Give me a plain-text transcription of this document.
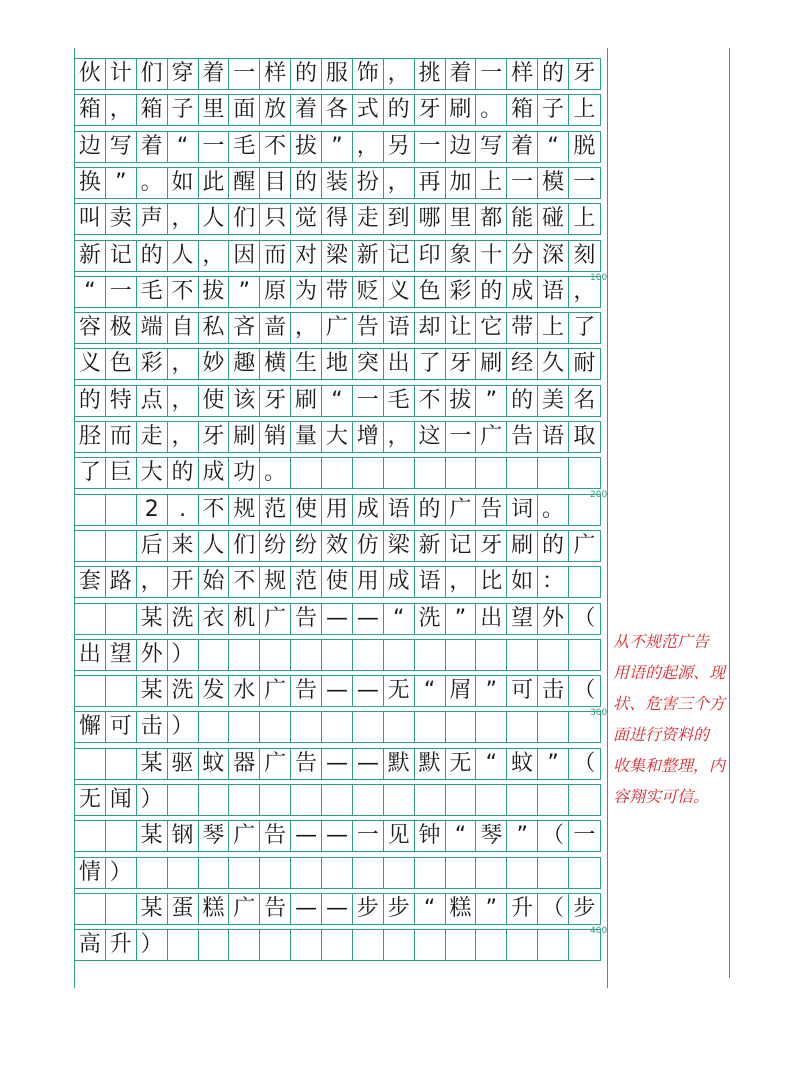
伙 计 们 穿 着 一 样 的 服 饰 ， 挑 着 一 样 的 牙
箱 ， 箱 子 里 面 放 着 各 式 的 牙 刷 。 箱 子 上
边 写 着 “ 一 毛 不 拔 ” ， 另 一 边 写 着 “ 脱
换 ” 。 如 此 醒 目 的 装 扮 ， 再 加 上 一 模 一
叫 卖 声 ， 人 们 只 觉 得 走 到 哪 里 都 能 碰 上
新 记 的 人 ， 因 而 对 梁 新 记 印 象 十 分 深 刻
“ 一 毛 不 拔 ” 原 为 带 贬 义 色 彩 的 成 语 ，
容 极 端 自 私 吝 啬 ， 广 告 语 却 让 它 带 上 了
义 色 彩 ， 妙 趣 横 生 地 突 出 了 牙 刷 经 久 耐
的 特 点 ， 使 该 牙 刷 “ 一 毛 不 拔 ” 的 美 名
胫 而 走 ， 牙 刷 销 量 大 增 ， 这 一 广 告 语 取
了 巨 大 的 成 功 。
2 . 不 规 范 使 用 成 语 的 广 告 词 。
后 来 人 们 纷 纷 效 仿 梁 新 记 牙 刷 的 广
套 路 ， 开 始 不 规 范 使 用 成 语 ， 比 如 ：
某 洗 衣 机 广 告 — — “ 洗 ” 出 望 外 （
出 望 外 ）
某 洗 发 水 广 告 — — 无 “ 屑 ” 可 击 （
懈 可 击 ）
某 驱 蚊 器 广 告 — — 默 默 无 “ 蚊 ” （
无 闻 ）
某 钢 琴 广 告 — — 一 见 钟 “ 琴 ” （ 一
情 ）
某 蛋 糕 广 告 — — 步 步 “ 糕 ” 升 （ 步
高 升 ）
100
200
300
400
从不规范广告
用语的起源、现
状、危害三个方
面进行资料的
收集和整理，内
容翔实可信。
